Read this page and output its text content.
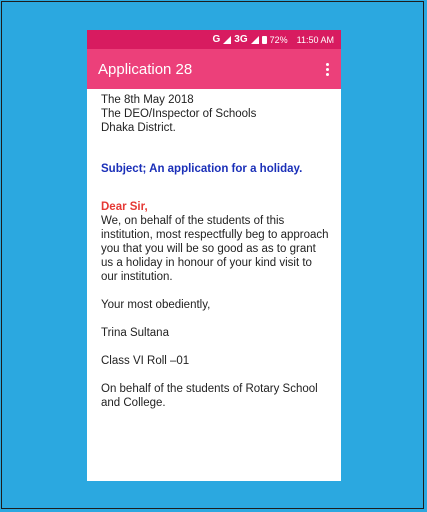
G 3G 72% 11:50 AM
Application 28
The 8th May 2018
The DEO/Inspector of Schools
Dhaka District.
Subject; An application for a holiday.
Dear Sir,
We, on behalf of the students of this institution, most respectfully beg to approach you that you will be so good as as to grant us a holiday in honour of your kind visit to our institution.
Your most obediently,
Trina Sultana
Class VI Roll –01
On behalf of the students of Rotary School and College.
